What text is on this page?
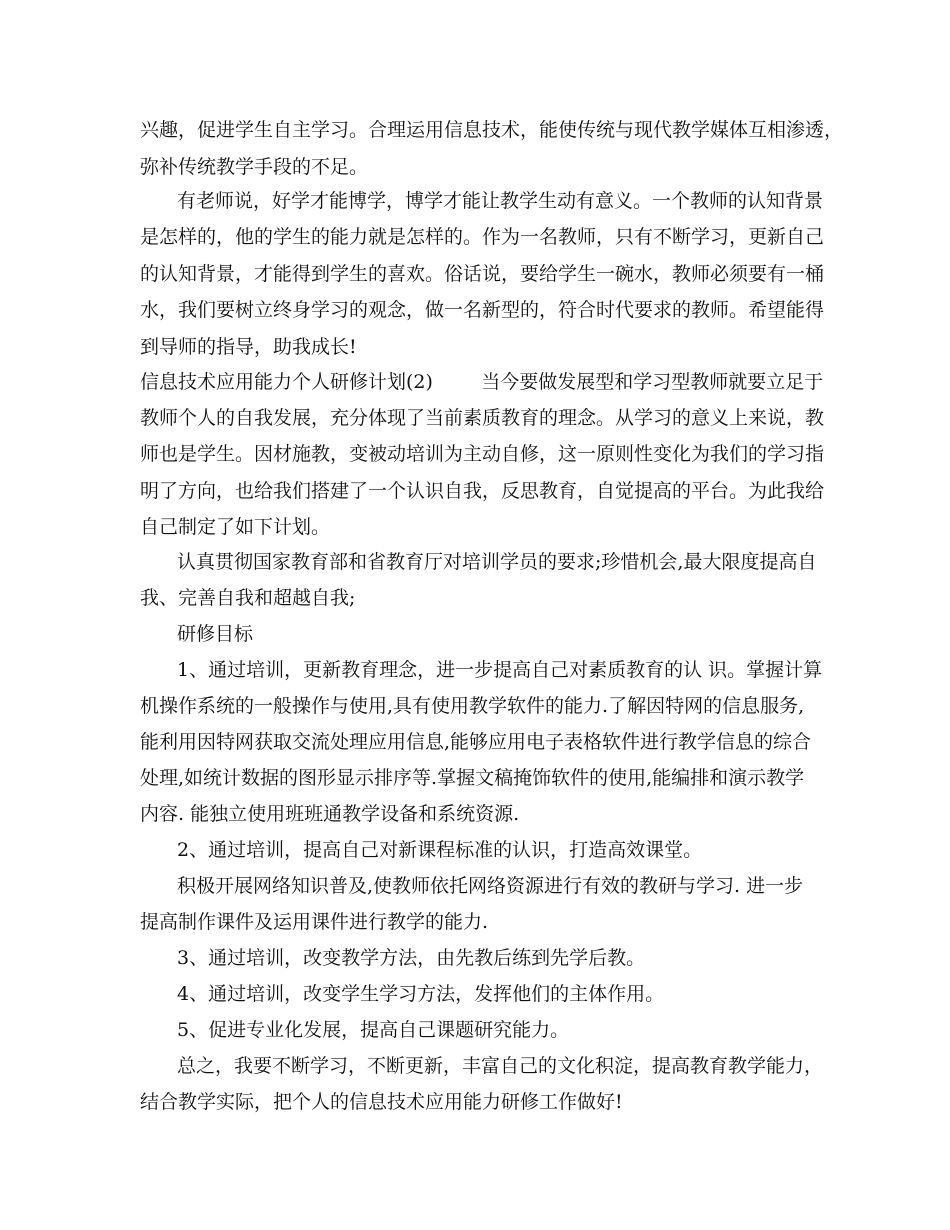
兴趣，促进学生自主学习。合理运用信息技术，能使传统与现代教学媒体互相渗透，
弥补传统教学手段的不足。
有老师说，好学才能博学，博学才能让教学生动有意义。一个教师的认知背景
是怎样的，他的学生的能力就是怎样的。作为一名教师，只有不断学习，更新自己
的认知背景，才能得到学生的喜欢。俗话说，要给学生一碗水，教师必须要有一桶
水，我们要树立终身学习的观念，做一名新型的，符合时代要求的教师。希望能得
到导师的指导，助我成长!
信息技术应用能力个人研修计划(2)        当今要做发展型和学习型教师就要立足于
教师个人的自我发展，充分体现了当前素质教育的理念。从学习的意义上来说，教
师也是学生。因材施教，变被动培训为主动自修，这一原则性变化为我们的学习指
明了方向，也给我们搭建了一个认识自我，反思教育，自觉提高的平台。为此我给
自己制定了如下计划。
认真贯彻国家教育部和省教育厅对培训学员的要求;珍惜机会,最大限度提高自
我、完善自我和超越自我;
研修目标
1、通过培训，更新教育理念，进一步提高自己对素质教育的认 识。掌握计算
机操作系统的一般操作与使用,具有使用教学软件的能力.了解因特网的信息服务,
能利用因特网获取交流处理应用信息,能够应用电子表格软件进行教学信息的综合
处理,如统计数据的图形显示排序等.掌握文稿掩饰软件的使用,能编排和演示教学
内容. 能独立使用班班通教学设备和系统资源.
2、通过培训，提高自己对新课程标准的认识，打造高效课堂。
积极开展网络知识普及,使教师依托网络资源进行有效的教研与学习. 进一步
提高制作课件及运用课件进行教学的能力.
3、通过培训，改变教学方法，由先教后练到先学后教。
4、通过培训，改变学生学习方法，发挥他们的主体作用。
5、促进专业化发展，提高自己课题研究能力。
总之，我要不断学习，不断更新，丰富自己的文化积淀，提高教育教学能力，
结合教学实际，把个人的信息技术应用能力研修工作做好!
